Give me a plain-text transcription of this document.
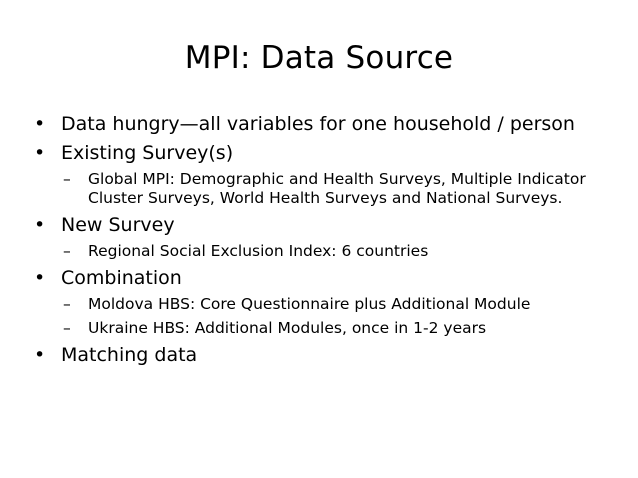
MPI: Data Source
• Data hungry—all variables for one household / person
• Existing Survey(s)
– Global MPI: Demographic and Health Surveys, Multiple Indicator Cluster Surveys, World Health Surveys and National Surveys.
• New Survey
– Regional Social Exclusion Index: 6 countries
• Combination
– Moldova HBS: Core Questionnaire plus Additional Module
– Ukraine HBS: Additional Modules, once in 1-2 years
• Matching data
